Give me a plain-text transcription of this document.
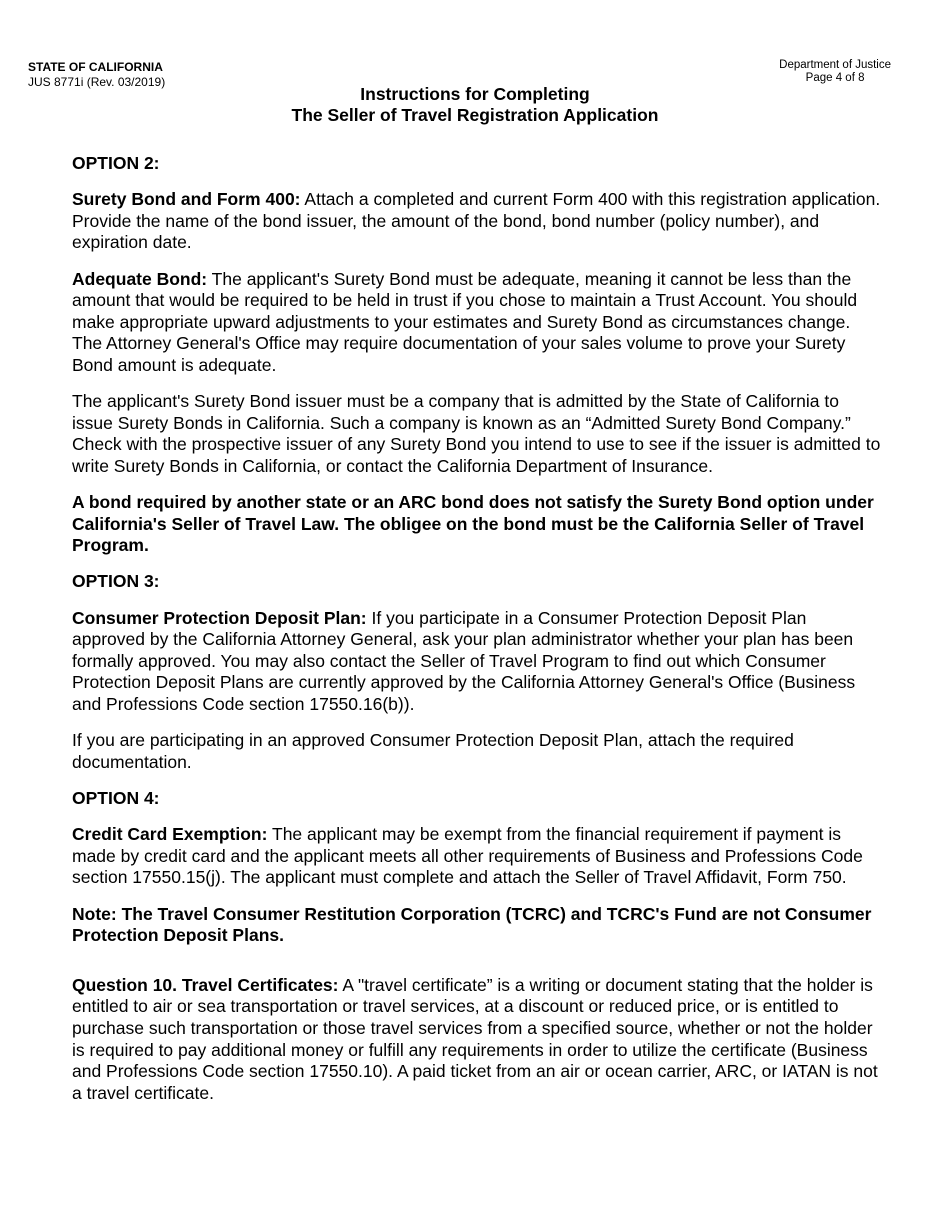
STATE OF CALIFORNIA
JUS 8771i (Rev. 03/2019)
Department of Justice
Page 4 of 8
Instructions for Completing
The Seller of Travel Registration Application

OPTION 2:

Surety Bond and Form 400: Attach a completed and current Form 400 with this registration application. Provide the name of the bond issuer, the amount of the bond, bond number (policy number), and expiration date.

Adequate Bond: The applicant's Surety Bond must be adequate, meaning it cannot be less than the amount that would be required to be held in trust if you chose to maintain a Trust Account. You should make appropriate upward adjustments to your estimates and Surety Bond as circumstances change. The Attorney General's Office may require documentation of your sales volume to prove your Surety Bond amount is adequate.

The applicant's Surety Bond issuer must be a company that is admitted by the State of California to issue Surety Bonds in California. Such a company is known as an “Admitted Surety Bond Company.” Check with the prospective issuer of any Surety Bond you intend to use to see if the issuer is admitted to write Surety Bonds in California, or contact the California Department of Insurance.

A bond required by another state or an ARC bond does not satisfy the Surety Bond option under California's Seller of Travel Law. The obligee on the bond must be the California Seller of Travel Program.

OPTION 3:

Consumer Protection Deposit Plan: If you participate in a Consumer Protection Deposit Plan approved by the California Attorney General, ask your plan administrator whether your plan has been formally approved. You may also contact the Seller of Travel Program to find out which Consumer Protection Deposit Plans are currently approved by the California Attorney General's Office (Business and Professions Code section 17550.16(b)).

If you are participating in an approved Consumer Protection Deposit Plan, attach the required documentation.

OPTION 4:

Credit Card Exemption: The applicant may be exempt from the financial requirement if payment is made by credit card and the applicant meets all other requirements of Business and Professions Code section 17550.15(j). The applicant must complete and attach the Seller of Travel Affidavit, Form 750.

Note: The Travel Consumer Restitution Corporation (TCRC) and TCRC's Fund are not Consumer Protection Deposit Plans.

Question 10. Travel Certificates: A "travel certificate” is a writing or document stating that the holder is entitled to air or sea transportation or travel services, at a discount or reduced price, or is entitled to purchase such transportation or those travel services from a specified source, whether or not the holder is required to pay additional money or fulfill any requirements in order to utilize the certificate (Business and Professions Code section 17550.10). A paid ticket from an air or ocean carrier, ARC, or IATAN is not a travel certificate.
